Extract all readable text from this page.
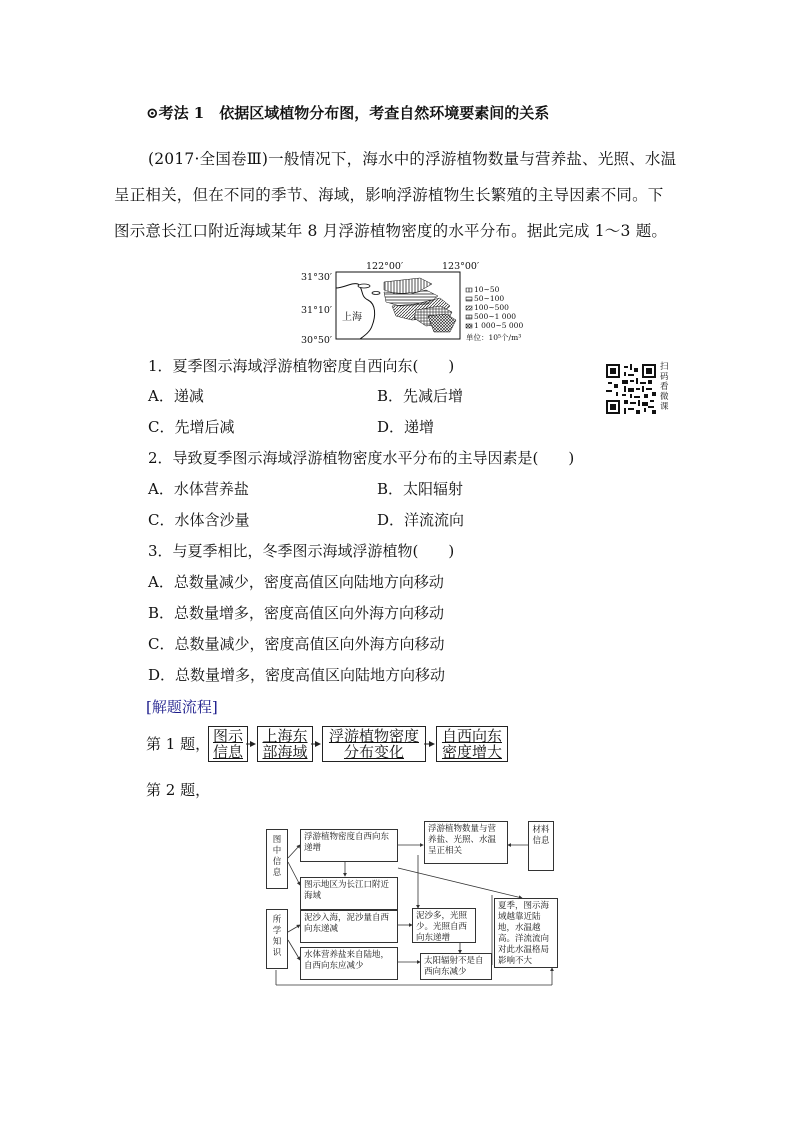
⊙考法 1　依据区域植物分布图，考查自然环境要素间的关系
(2017·全国卷Ⅲ)一般情况下，海水中的浮游植物数量与营养盐、光照、水温
呈正相关，但在不同的季节、海域，影响浮游植物生长繁殖的主导因素不同。下
图示意长江口附近海域某年 8 月浮游植物密度的水平分布。据此完成 1～3 题。
122°00′	123°00′
31°30′
31°10′
30°50′
上海
10~50
50~100
100~500
500~1 000
1 000~5 000
单位：10⁵个/m³
扫码看微课
1．夏季图示海域浮游植物密度自西向东(　　)
A．递减	B．先减后增
C．先增后减	D．递增
2．导致夏季图示海域浮游植物密度水平分布的主导因素是(　　)
A．水体营养盐	B．太阳辐射
C．水体含沙量	D．洋流流向
3．与夏季相比，冬季图示海域浮游植物(　　)
A．总数量减少，密度高值区向陆地方向移动
B．总数量增多，密度高值区向外海方向移动
C．总数量减少，密度高值区向外海方向移动
D．总数量增多，密度高值区向陆地方向移动
[解题流程]
第 1 题， 图示
信息
上海东
部海域
浮游植物密度
分布变化
自西向东
密度增大
第 2 题，
图中信息
所学知识
材料信息
浮游植物密度自西向东递增
图示地区为长江口附近海域
泥沙入海，泥沙量自西向东递减
水体营养盐来自陆地，自西向东应减少
浮游植物数量与营养盐、光照、水温呈正相关
泥沙多，光照少。光照自西向东递增
太阳辐射不是自西向东减少
夏季，图示海域越靠近陆地，水温越高。洋流流向对此水温格局影响不大
